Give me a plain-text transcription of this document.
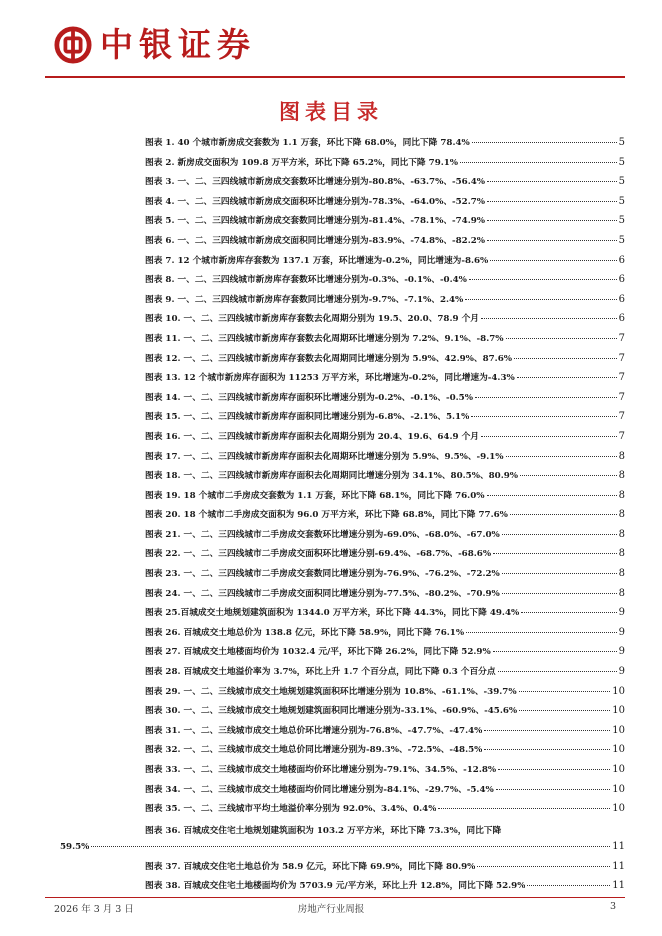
中银证券
图表目录
图表 1. 40 个城市新房成交套数为 1.1 万套，环比下降 68.0%，同比下降 78.4%	5
图表 2. 新房成交面积为 109.8 万平方米，环比下降 65.2%，同比下降 79.1%	5
图表 3. 一、二、三四线城市新房成交套数环比增速分别为-80.8%、-63.7%、-56.4%	5
图表 4. 一、二、三四线城市新房成交面积环比增速分别为-78.3%、-64.0%、-52.7%	5
图表 5. 一、二、三四线城市新房成交套数同比增速分别为-81.4%、-78.1%、-74.9%	5
图表 6. 一、二、三四线城市新房成交面积同比增速分别为-83.9%、-74.8%、-82.2%	5
图表 7. 12 个城市新房库存套数为 137.1 万套，环比增速为-0.2%，同比增速为-8.6%	6
图表 8. 一、二、三四线城市新房库存套数环比增速分别为-0.3%、-0.1%、-0.4%	6
图表 9. 一、二、三四线城市新房库存套数同比增速分别为-9.7%、-7.1%、2.4%	6
图表 10. 一、二、三四线城市新房库存套数去化周期分别为 19.5、20.0、78.9 个月	6
图表 11. 一、二、三四线城市新房库存套数去化周期环比增速分别为 7.2%、9.1%、-8.7%	7
图表 12. 一、二、三四线城市新房库存套数去化周期同比增速分别为 5.9%、42.9%、87.6%	7
图表 13. 12 个城市新房库存面积为 11253 万平方米，环比增速为-0.2%，同比增速为-4.3%	7
图表 14. 一、二、三四线城市新房库存面积环比增速分别为-0.2%、-0.1%、-0.5%	7
图表 15. 一、二、三四线城市新房库存面积同比增速分别为-6.8%、-2.1%、5.1%	7
图表 16. 一、二、三四线城市新房库存面积去化周期分别为 20.4、19.6、64.9 个月	7
图表 17. 一、二、三四线城市新房库存面积去化周期环比增速分别为 5.9%、9.5%、-9.1%	8
图表 18. 一、二、三四线城市新房库存面积去化周期同比增速分别为 34.1%、80.5%、80.9%	8
图表 19. 18 个城市二手房成交套数为 1.1 万套，环比下降 68.1%，同比下降 76.0%	8
图表 20. 18 个城市二手房成交面积为 96.0 万平方米，环比下降 68.8%，同比下降 77.6%	8
图表 21. 一、二、三四线城市二手房成交套数环比增速分别为-69.0%、-68.0%、-67.0%	8
图表 22. 一、二、三四线城市二手房成交面积环比增速分别-69.4%、-68.7%、-68.6%	8
图表 23. 一、二、三四线城市二手房成交套数同比增速分别为-76.9%、-76.2%、-72.2%	8
图表 24. 一、二、三四线城市二手房成交面积同比增速分别为-77.5%、-80.2%、-70.9%	8
图表 25.百城成交土地规划建筑面积为 1344.0 万平方米，环比下降 44.3%，同比下降 49.4%	9
图表 26. 百城成交土地总价为 138.8 亿元，环比下降 58.9%，同比下降 76.1%	9
图表 27. 百城成交土地楼面均价为 1032.4 元/平，环比下降 26.2%，同比下降 52.9%	9
图表 28. 百城成交土地溢价率为 3.7%，环比上升 1.7 个百分点，同比下降 0.3 个百分点	9
图表 29. 一、二、三线城市成交土地规划建筑面积环比增速分别为 10.8%、-61.1%、-39.7%	10
图表 30. 一、二、三线城市成交土地规划建筑面积同比增速分别为-33.1%、-60.9%、-45.6%	10
图表 31. 一、二、三线城市成交土地总价环比增速分别为-76.8%、-47.7%、-47.4%	10
图表 32. 一、二、三线城市成交土地总价同比增速分别为-89.3%、-72.5%、-48.5%	10
图表 33. 一、二、三线城市成交土地楼面均价环比增速分别为-79.1%、34.5%、-12.8%	10
图表 34. 一、二、三线城市成交土地楼面均价同比增速分别为-84.1%、-29.7%、-5.4%	10
图表 35. 一、二、三线城市平均土地溢价率分别为 92.0%、3.4%、0.4%	10
图表 36. 百城成交住宅土地规划建筑面积为 103.2 万平方米，环比下降 73.3%，同比下降
59.5%	11
图表 37. 百城成交住宅土地总价为 58.9 亿元，环比下降 69.9%，同比下降 80.9%	11
图表 38. 百城成交住宅土地楼面均价为 5703.9 元/平方米，环比上升 12.8%，同比下降 52.9%	11
2026 年 3 月 3 日	房地产行业周报	3
